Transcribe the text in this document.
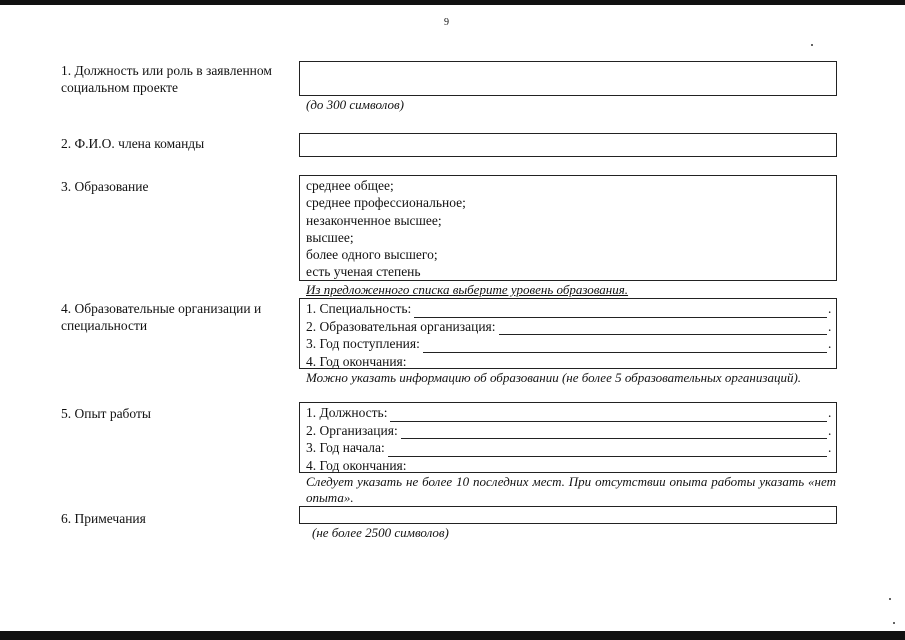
9
1. Должность или роль в заявленном социальном проекте
(до 300 символов)
2. Ф.И.О. члена команды
3. Образование	среднее общее;
среднее профессиональное;
незаконченное высшее;
высшее;
более одного высшего;
есть ученая степень
Из предложенного списка выберите уровень образования.
4. Образовательные организации и специальности
1. Специальность:	.
2. Образовательная организация:	.
3. Год поступления:	.
4. Год окончания:
Можно указать информацию об образовании (не более 5 образовательных организаций).
5. Опыт работы	1. Должность:	.
2. Организация:	.
3. Год начала:	.
4. Год окончания:
Следует указать не более 10 последних мест. При отсутствии опыта работы указать «нет опыта».
6. Примечания
(не более 2500 символов)
